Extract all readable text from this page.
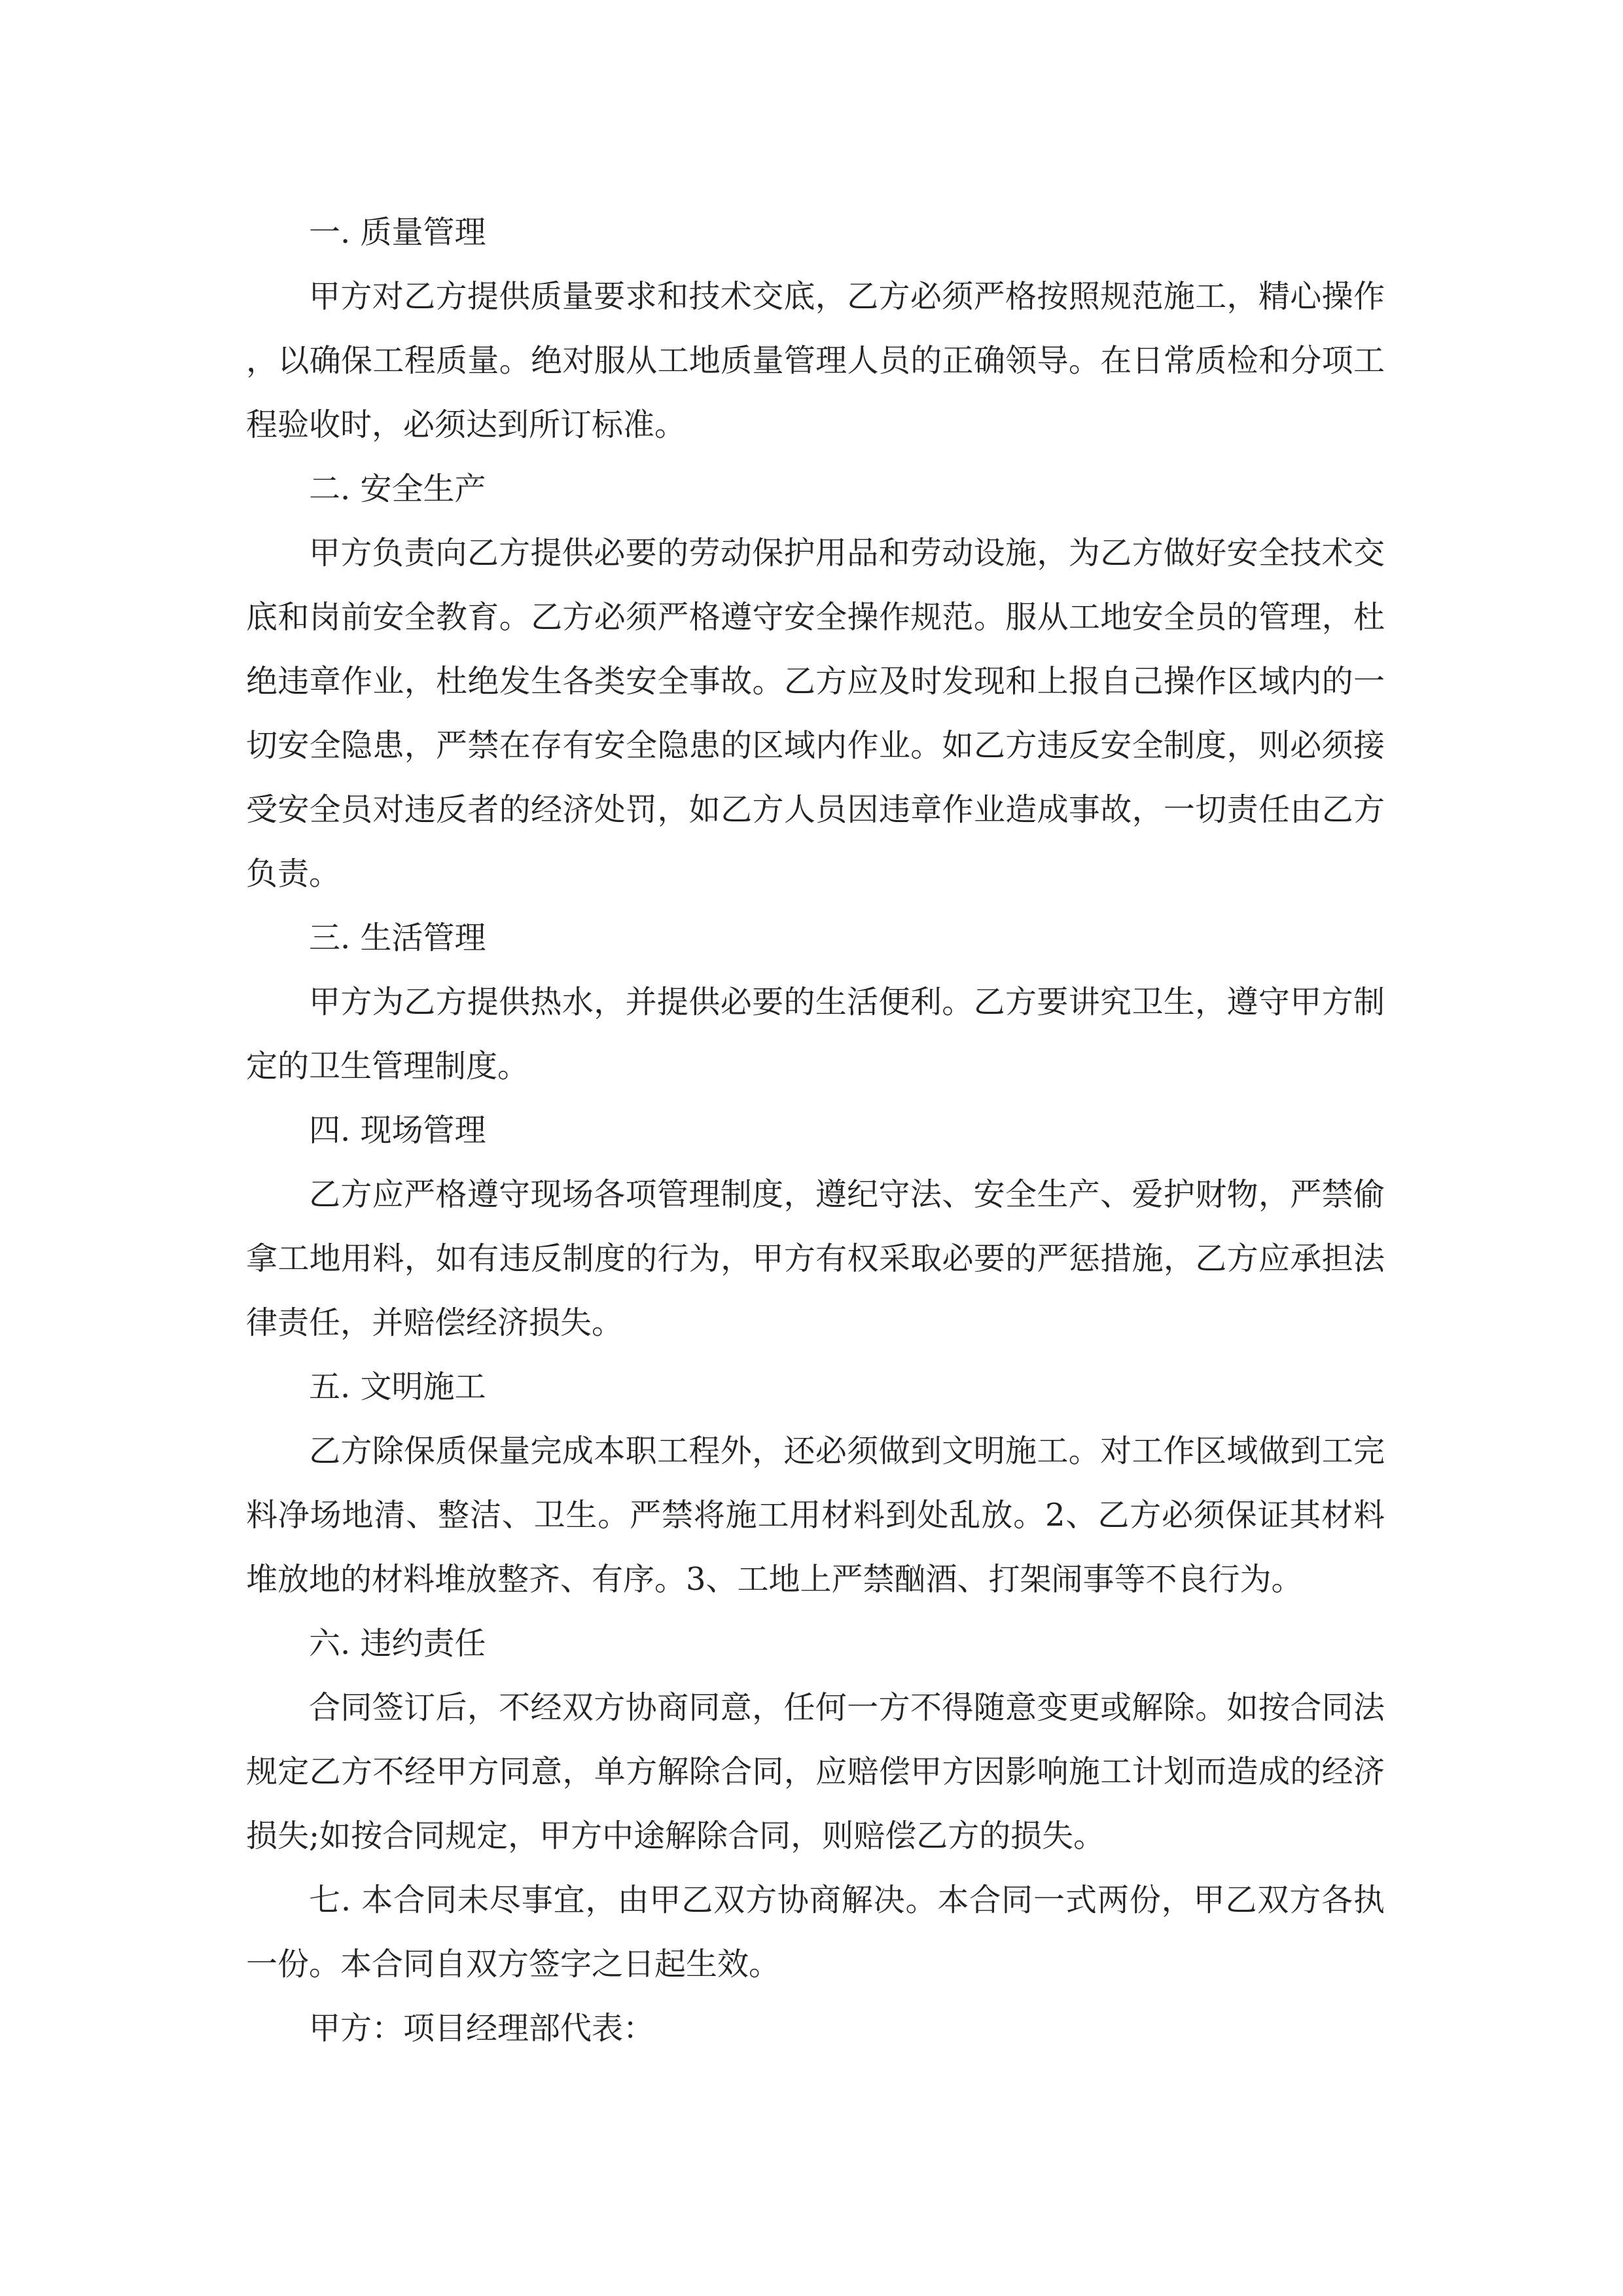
一. 质量管理

甲方对乙方提供质量要求和技术交底，乙方必须严格按照规范施工，精心操作，以确保工程质量。绝对服从工地质量管理人员的正确领导。在日常质检和分项工程验收时，必须达到所订标准。

二. 安全生产

甲方负责向乙方提供必要的劳动保护用品和劳动设施，为乙方做好安全技术交底和岗前安全教育。乙方必须严格遵守安全操作规范。服从工地安全员的管理，杜绝违章作业，杜绝发生各类安全事故。乙方应及时发现和上报自己操作区域内的一切安全隐患，严禁在存有安全隐患的区域内作业。如乙方违反安全制度，则必须接受安全员对违反者的经济处罚，如乙方人员因违章作业造成事故，一切责任由乙方负责。

三. 生活管理

甲方为乙方提供热水，并提供必要的生活便利。乙方要讲究卫生，遵守甲方制定的卫生管理制度。

四. 现场管理

乙方应严格遵守现场各项管理制度，遵纪守法、安全生产、爱护财物，严禁偷拿工地用料，如有违反制度的行为，甲方有权采取必要的严惩措施，乙方应承担法律责任，并赔偿经济损失。

五. 文明施工

乙方除保质保量完成本职工程外，还必须做到文明施工。对工作区域做到工完料净场地清、整洁、卫生。严禁将施工用材料到处乱放。2、乙方必须保证其材料堆放地的材料堆放整齐、有序。3、工地上严禁酗酒、打架闹事等不良行为。

六. 违约责任

合同签订后，不经双方协商同意，任何一方不得随意变更或解除。如按合同法规定乙方不经甲方同意，单方解除合同，应赔偿甲方因影响施工计划而造成的经济损失;如按合同规定，甲方中途解除合同，则赔偿乙方的损失。

七. 本合同未尽事宜，由甲乙双方协商解决。本合同一式两份，甲乙双方各执一份。本合同自双方签字之日起生效。

甲方：项目经理部代表：
